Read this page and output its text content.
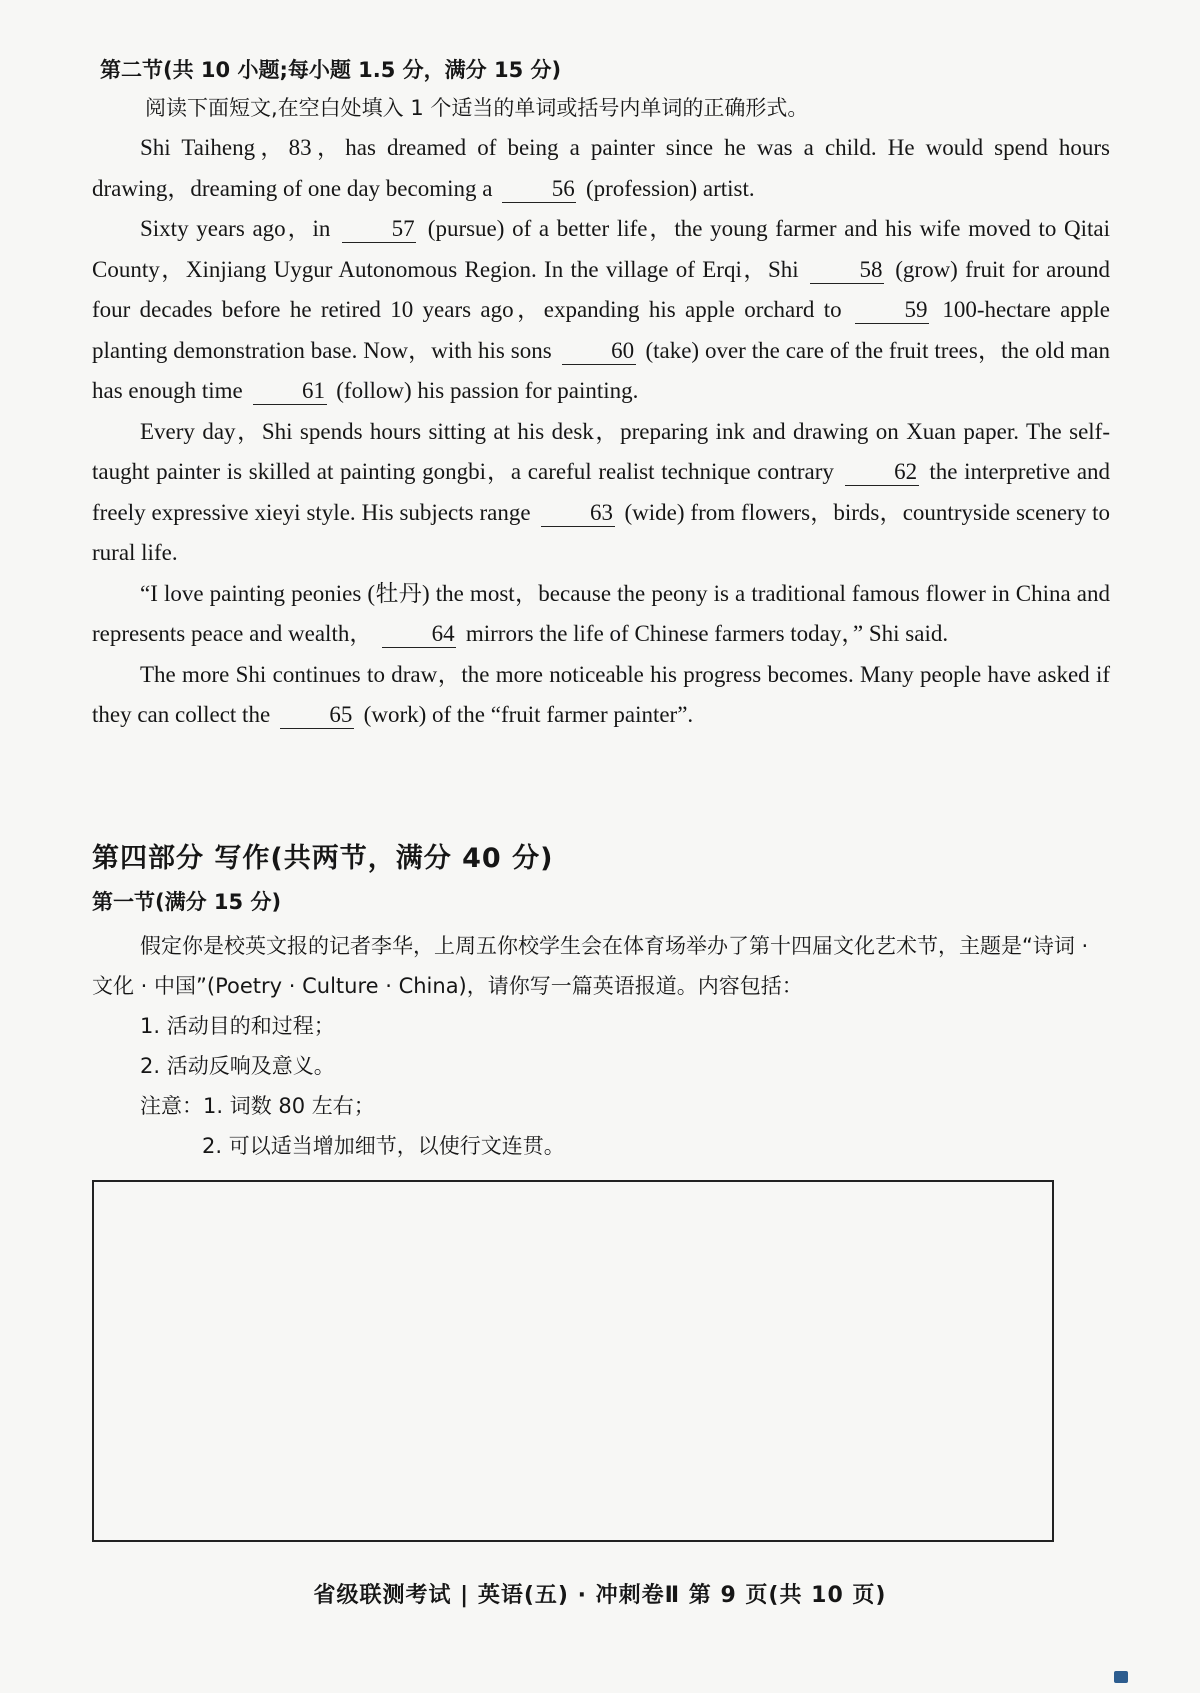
第二节(共 10 小题;每小题 1.5 分，满分 15 分)
阅读下面短文,在空白处填入 1 个适当的单词或括号内单词的正确形式。

Shi Taiheng，83，has dreamed of being a painter since he was a child. He would spend hours drawing，dreaming of one day becoming a	56 (profession) artist.

Sixty years ago，in	57 (pursue) of a better life，the young farmer and his wife moved to Qitai County，Xinjiang Uygur Autonomous Region. In the village of Erqi，Shi	58 (grow) fruit for around four decades before he retired 10 years ago，expanding his apple orchard to	59 100-hectare apple planting demonstration base. Now，with his sons	60 (take) over the care of the fruit trees，the old man has enough time	61 (follow) his passion for painting.

Every day，Shi spends hours sitting at his desk，preparing ink and drawing on Xuan paper. The self-taught painter is skilled at painting gongbi，a careful realist technique contrary	62 the interpretive and freely expressive xieyi style. His subjects range	63 (wide) from flowers，birds，countryside scenery to rural life.

“I love painting peonies (牡丹) the most，because the peony is a traditional famous flower in China and represents peace and wealth，	64 mirrors the life of Chinese farmers today，” Shi said.

The more Shi continues to draw，the more noticeable his progress becomes. Many people have asked if they can collect the	65 (work) of the “fruit farmer painter”.

第四部分 写作(共两节，满分 40 分)
第一节(满分 15 分)

假定你是校英文报的记者李华，上周五你校学生会在体育场举办了第十四届文化艺术节，主题是“诗词 · 文化 · 中国”(Poetry · Culture · China)，请你写一篇英语报道。内容包括：

1. 活动目的和过程；

2. 活动反响及意义。

注意：1. 词数 80 左右；

2. 可以适当增加细节，以使行文连贯。

省级联测考试 | 英语(五) · 冲刺卷Ⅱ 第 9 页(共 10 页)
